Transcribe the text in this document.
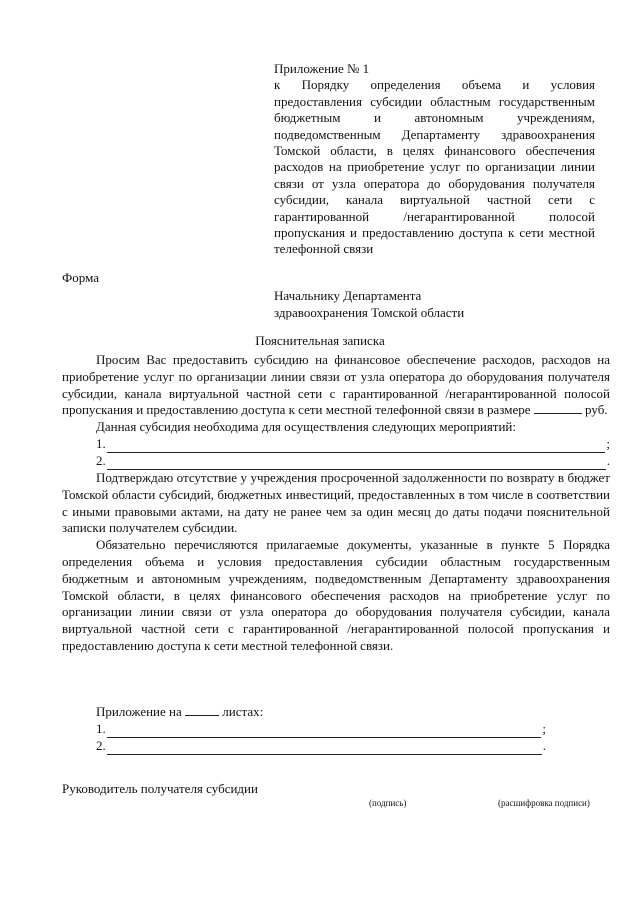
Приложение № 1
к Порядку определения объема и условия предоставления субсидии областным государственным бюджетным и автономным учреждениям, подведомственным Департаменту здравоохранения Томской области, в целях финансового обеспечения расходов на приобретение услуг по организации линии связи от узла оператора до оборудования получателя субсидии, канала виртуальной частной сети с гарантированной /негарантированной полосой пропускания и предоставлению доступа к сети местной телефонной связи
Форма
Начальнику Департамента
здравоохранения Томской области
Пояснительная записка

Просим Вас предоставить субсидию на финансовое обеспечение расходов, расходов на приобретение услуг по организации линии связи от узла оператора до оборудования получателя субсидии, канала виртуальной частной сети с гарантированной /негарантированной полосой пропускания и предоставлению доступа к сети местной телефонной связи в размере	руб.

Данная субсидия необходима для осуществления следующих мероприятий:

1.	;
2.	.

Подтверждаю отсутствие у учреждения просроченной задолженности по возврату в бюджет Томской области субсидий, бюджетных инвестиций, предоставленных в том числе в соответствии с иными правовыми актами, на дату не ранее чем за один месяц до даты подачи пояснительной записки получателем субсидии.

Обязательно перечисляются прилагаемые документы, указанные в пункте 5 Порядка определения объема и условия предоставления субсидии областным государственным бюджетным и автономным учреждениям, подведомственным Департаменту здравоохранения Томской области, в целях финансового обеспечения расходов на приобретение услуг по организации линии связи от узла оператора до оборудования получателя субсидии, канала виртуальной частной сети с гарантированной /негарантированной полосой пропускания и предоставлению доступа к сети местной телефонной связи.

Приложение на	листах:
1.	;
2.	.
Руководитель получателя субсидии
(подпись)	(расшифровка подписи)
